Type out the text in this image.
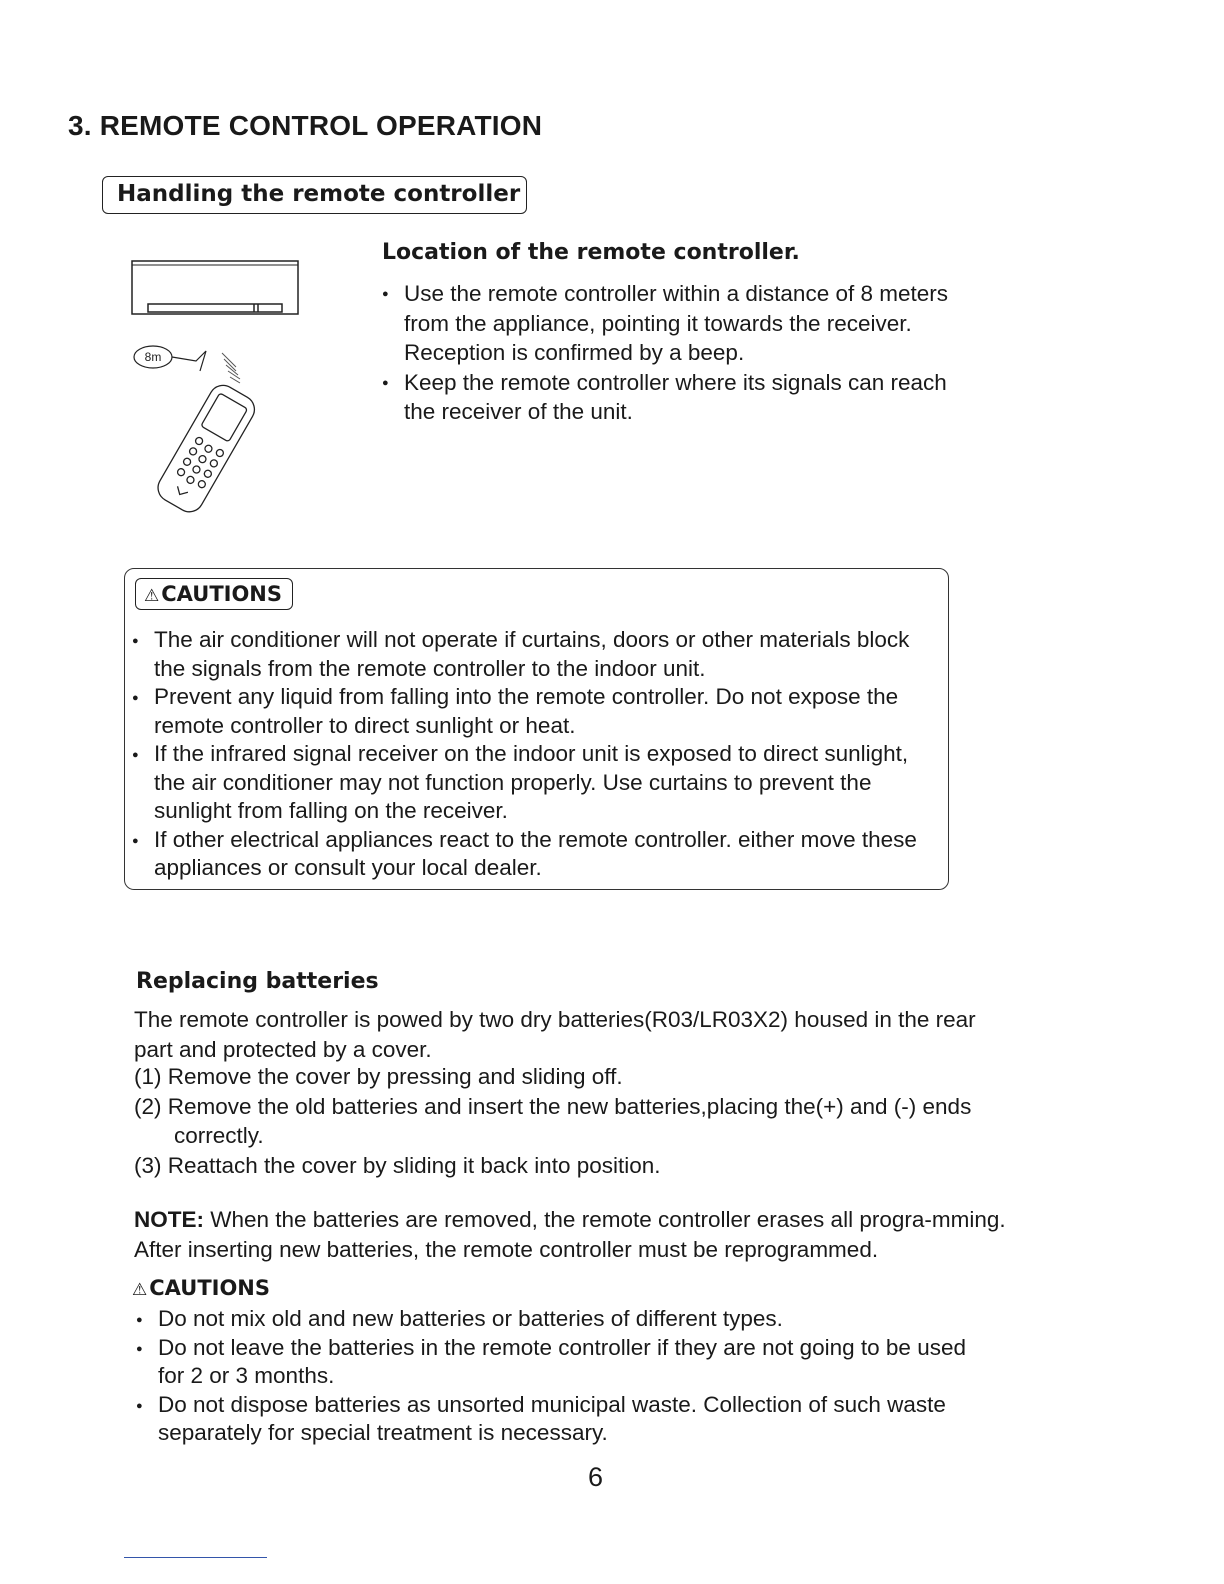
3. REMOTE CONTROL OPERATION
Handling the remote controller
8m
Location of the remote controller.
● Use the remote controller within a distance of 8 meters from the appliance, pointing it towards the receiver. Reception is confirmed by a beep.
● Keep the remote controller where its signals can reach the receiver of the unit.
⚠CAUTIONS
● The air conditioner will not operate if curtains, doors or other materials block the signals from the remote controller to the indoor unit.
● Prevent any liquid from falling into the remote controller. Do not expose the remote controller to direct sunlight or heat.
● If the infrared signal receiver on the indoor unit is exposed to direct sunlight, the air conditioner may not function properly. Use curtains to prevent the sunlight from falling on the receiver.
● If other electrical appliances react to the remote controller. either move these appliances or consult your local dealer.
Replacing batteries
The remote controller is powed by two dry batteries(R03/LR03X2) housed in the rear part and protected by a cover.
(1) Remove the cover by pressing and sliding off.
(2) Remove the old batteries and insert the new batteries,placing the(+) and (-) ends correctly.
(3) Reattach the cover by sliding it back into position.
NOTE: When the batteries are removed, the remote controller erases all progra-mming. After inserting new batteries, the remote controller must be reprogrammed.
⚠CAUTIONS
● Do not mix old and new batteries or batteries of different types.
● Do not leave the batteries in the remote controller if they are not going to be used for 2 or 3 months.
● Do not dispose batteries as unsorted municipal waste. Collection of such waste separately for special treatment is necessary.
6
